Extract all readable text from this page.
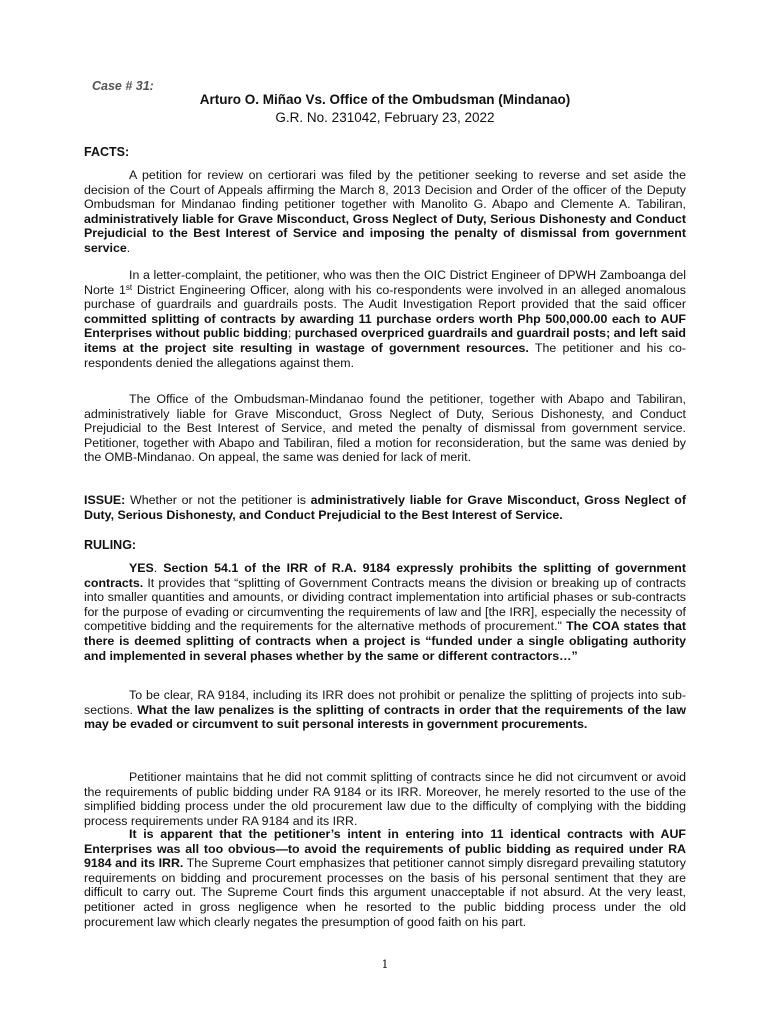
Case # 31:
Arturo O. Miñao Vs. Office of the Ombudsman (Mindanao)
G.R. No. 231042, February 23, 2022
FACTS:
A petition for review on certiorari was filed by the petitioner seeking to reverse and set aside the decision of the Court of Appeals affirming the March 8, 2013 Decision and Order of the officer of the Deputy Ombudsman for Mindanao finding petitioner together with Manolito G. Abapo and Clemente A. Tabiliran, administratively liable for Grave Misconduct, Gross Neglect of Duty, Serious Dishonesty and Conduct Prejudicial to the Best Interest of Service and imposing the penalty of dismissal from government service.
In a letter-complaint, the petitioner, who was then the OIC District Engineer of DPWH Zamboanga del Norte 1st District Engineering Officer, along with his co-respondents were involved in an alleged anomalous purchase of guardrails and guardrails posts. The Audit Investigation Report provided that the said officer committed splitting of contracts by awarding 11 purchase orders worth Php 500,000.00 each to AUF Enterprises without public bidding; purchased overpriced guardrails and guardrail posts; and left said items at the project site resulting in wastage of government resources. The petitioner and his co-respondents denied the allegations against them.
The Office of the Ombudsman-Mindanao found the petitioner, together with Abapo and Tabiliran, administratively liable for Grave Misconduct, Gross Neglect of Duty, Serious Dishonesty, and Conduct Prejudicial to the Best Interest of Service, and meted the penalty of dismissal from government service. Petitioner, together with Abapo and Tabiliran, filed a motion for reconsideration, but the same was denied by the OMB-Mindanao. On appeal, the same was denied for lack of merit.
ISSUE: Whether or not the petitioner is administratively liable for Grave Misconduct, Gross Neglect of Duty, Serious Dishonesty, and Conduct Prejudicial to the Best Interest of Service.
RULING:
YES. Section 54.1 of the IRR of R.A. 9184 expressly prohibits the splitting of government contracts. It provides that “splitting of Government Contracts means the division or breaking up of contracts into smaller quantities and amounts, or dividing contract implementation into artificial phases or sub-contracts for the purpose of evading or circumventing the requirements of law and [the IRR], especially the necessity of competitive bidding and the requirements for the alternative methods of procurement." The COA states that there is deemed splitting of contracts when a project is “funded under a single obligating authority and implemented in several phases whether by the same or different contractors…”
To be clear, RA 9184, including its IRR does not prohibit or penalize the splitting of projects into sub-sections. What the law penalizes is the splitting of contracts in order that the requirements of the law may be evaded or circumvent to suit personal interests in government procurements.
Petitioner maintains that he did not commit splitting of contracts since he did not circumvent or avoid the requirements of public bidding under RA 9184 or its IRR. Moreover, he merely resorted to the use of the simplified bidding process under the old procurement law due to the difficulty of complying with the bidding process requirements under RA 9184 and its IRR.
It is apparent that the petitioner’s intent in entering into 11 identical contracts with AUF Enterprises was all too obvious—to avoid the requirements of public bidding as required under RA 9184 and its IRR. The Supreme Court emphasizes that petitioner cannot simply disregard prevailing statutory requirements on bidding and procurement processes on the basis of his personal sentiment that they are difficult to carry out. The Supreme Court finds this argument unacceptable if not absurd. At the very least, petitioner acted in gross negligence when he resorted to the public bidding process under the old procurement law which clearly negates the presumption of good faith on his part.
1
